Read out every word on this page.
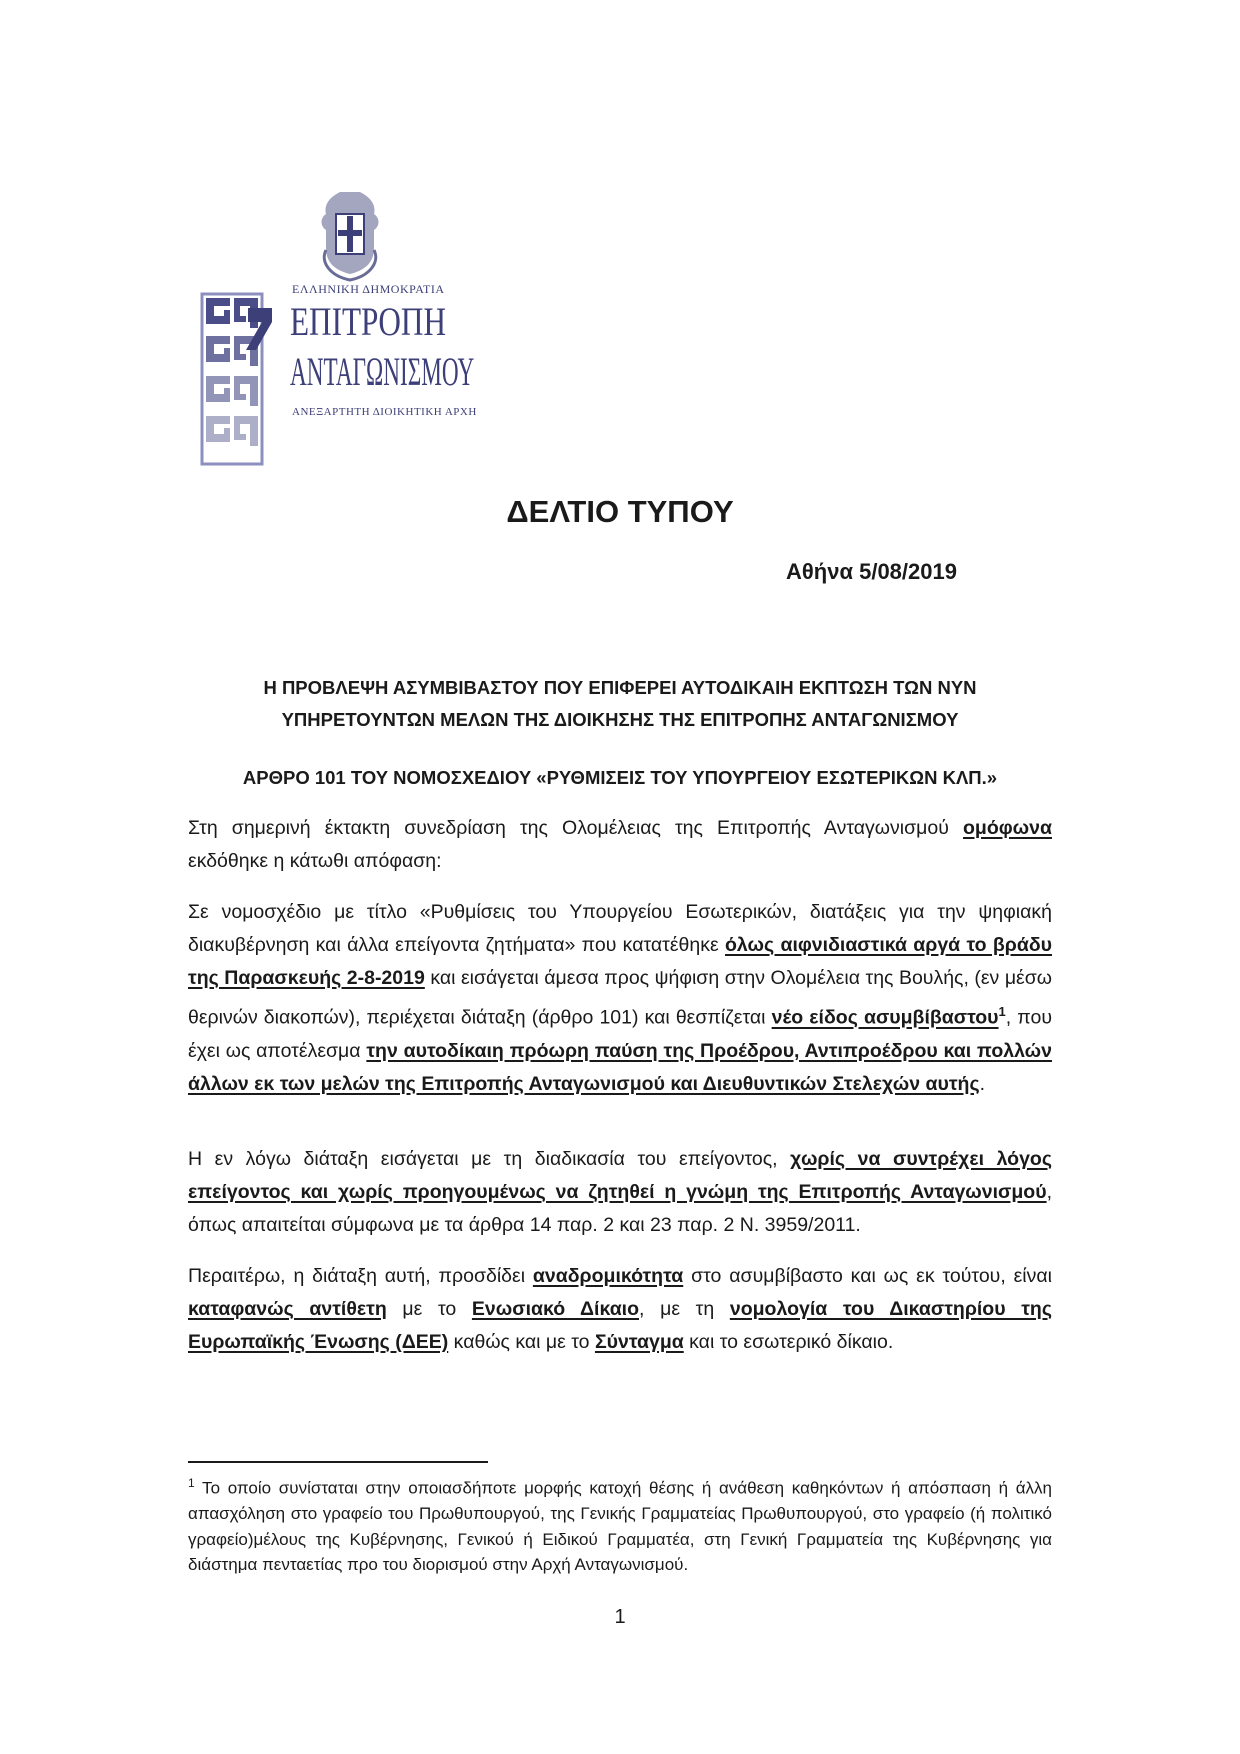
ΕΛΛΗΝΙΚΗ ΔΗΜΟΚΡΑΤΙΑ
ΕΠΙΤΡΟΠΗ
ΑΝΤΑΓΩΝΙΣΜΟΥ
ΑΝΕΞΑΡΤΗΤΗ ΔΙΟΙΚΗΤΙΚΗ ΑΡΧΗ
ΔΕΛΤΙΟ ΤΥΠΟΥ
Αθήνα 5/08/2019
Η ΠΡΟΒΛΕΨΗ ΑΣΥΜΒΙΒΑΣΤΟΥ ΠΟΥ ΕΠΙΦΕΡΕΙ ΑΥΤΟΔΙΚΑΙΗ ΕΚΠΤΩΣΗ ΤΩΝ ΝΥΝ
ΥΠΗΡΕΤΟΥΝΤΩΝ ΜΕΛΩΝ ΤΗΣ ΔΙΟΙΚΗΣΗΣ ΤΗΣ ΕΠΙΤΡΟΠΗΣ ΑΝΤΑΓΩΝΙΣΜΟΥ
ΑΡΘΡΟ 101 ΤΟΥ ΝΟΜΟΣΧΕΔΙΟΥ «ΡΥΘΜΙΣΕΙΣ ΤΟΥ ΥΠΟΥΡΓΕΙΟΥ ΕΣΩΤΕΡΙΚΩΝ ΚΛΠ.»
Στη σημερινή έκτακτη συνεδρίαση της Ολομέλειας της Επιτροπής Ανταγωνισμού ομόφωνα εκδόθηκε η κάτωθι απόφαση:
Σε νομοσχέδιο με τίτλο «Ρυθμίσεις του Υπουργείου Εσωτερικών, διατάξεις για την ψηφιακή διακυβέρνηση και άλλα επείγοντα ζητήματα» που κατατέθηκε όλως αιφνιδιαστικά αργά το βράδυ της Παρασκευής 2-8-2019 και εισάγεται άμεσα προς ψήφιση στην Ολομέλεια της Βουλής, (εν μέσω θερινών διακοπών), περιέχεται διάταξη (άρθρο 101) και θεσπίζεται νέο είδος ασυμβίβαστου$^1$, που έχει ως αποτέλεσμα την αυτοδίκαιη πρόωρη παύση της Προέδρου, Αντιπροέδρου και πολλών άλλων εκ των μελών της Επιτροπής Ανταγωνισμού και Διευθυντικών Στελεχών αυτής.
Η εν λόγω διάταξη εισάγεται με τη διαδικασία του επείγοντος, χωρίς να συντρέχει λόγος επείγοντος και χωρίς προηγουμένως να ζητηθεί η γνώμη της Επιτροπής Ανταγωνισμού, όπως απαιτείται σύμφωνα με τα άρθρα 14 παρ. 2 και 23 παρ. 2 Ν. 3959/2011.
Περαιτέρω, η διάταξη αυτή, προσδίδει αναδρομικότητα στο ασυμβίβαστο και ως εκ τούτου, είναι καταφανώς αντίθετη με το Ενωσιακό Δίκαιο, με τη νομολογία του Δικαστηρίου της Ευρωπαϊκής Ένωσης (ΔΕΕ) καθώς και με το Σύνταγμα και το εσωτερικό δίκαιο.
$^1$ Το οποίο συνίσταται στην οποιασδήποτε μορφής κατοχή θέσης ή ανάθεση καθηκόντων ή απόσπαση ή άλλη απασχόληση στο γραφείο του Πρωθυπουργού, της Γενικής Γραμματείας Πρωθυπουργού, στο γραφείο (ή πολιτικό γραφείο)μέλους της Κυβέρνησης, Γενικού ή Ειδικού Γραμματέα, στη Γενική Γραμματεία της Κυβέρνησης για διάστημα πενταετίας προ του διορισμού στην Αρχή Ανταγωνισμού.
1
